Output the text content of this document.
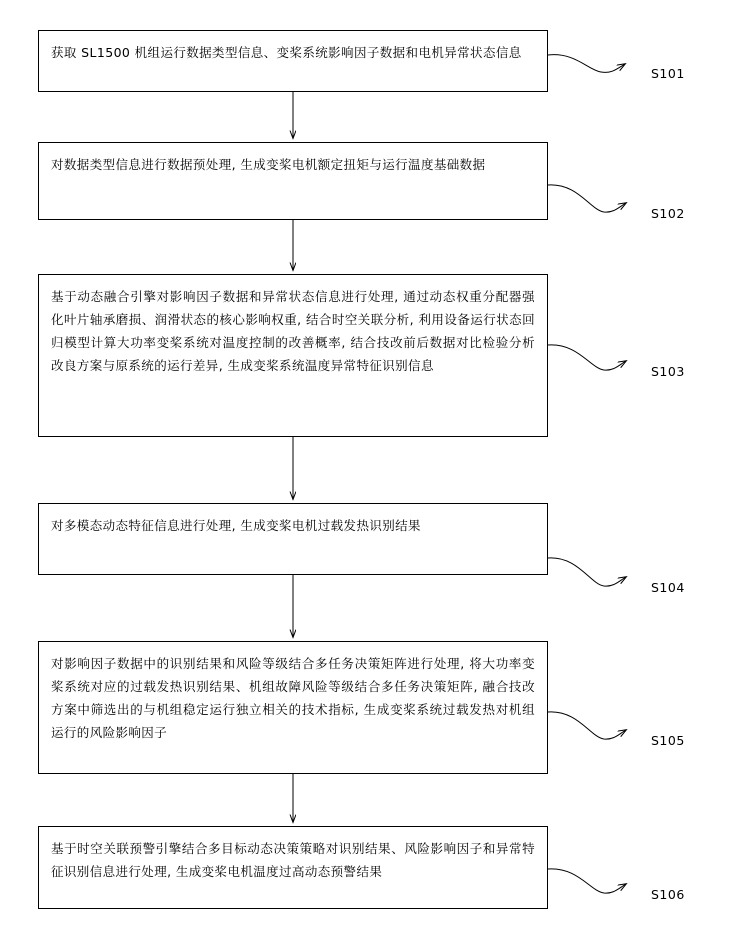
获取 SL1500 机组运行数据类型信息、变桨系统影响因子数据和电机异常状态信息
S101
对数据类型信息进行数据预处理, 生成变桨电机额定扭矩与运行温度基础数据
S102
基于动态融合引擎对影响因子数据和异常状态信息进行处理, 通过动态权重分配器强化叶片轴承磨损、润滑状态的核心影响权重, 结合时空关联分析, 利用设备运行状态回归模型计算大功率变桨系统对温度控制的改善概率, 结合技改前后数据对比检验分析改良方案与原系统的运行差异, 生成变桨系统温度异常特征识别信息	S103
对多模态动态特征信息进行处理, 生成变桨电机过载发热识别结果
S104
对影响因子数据中的识别结果和风险等级结合多任务决策矩阵进行处理, 将大功率变桨系统对应的过载发热识别结果、机组故障风险等级结合多任务决策矩阵, 融合技改方案中筛选出的与机组稳定运行独立相关的技术指标, 生成变桨系统过载发热对机组运行的风险影响因子
S105
基于时空关联预警引擎结合多目标动态决策策略对识别结果、风险影响因子和异常特征识别信息进行处理, 生成变桨电机温度过高动态预警结果
S106
